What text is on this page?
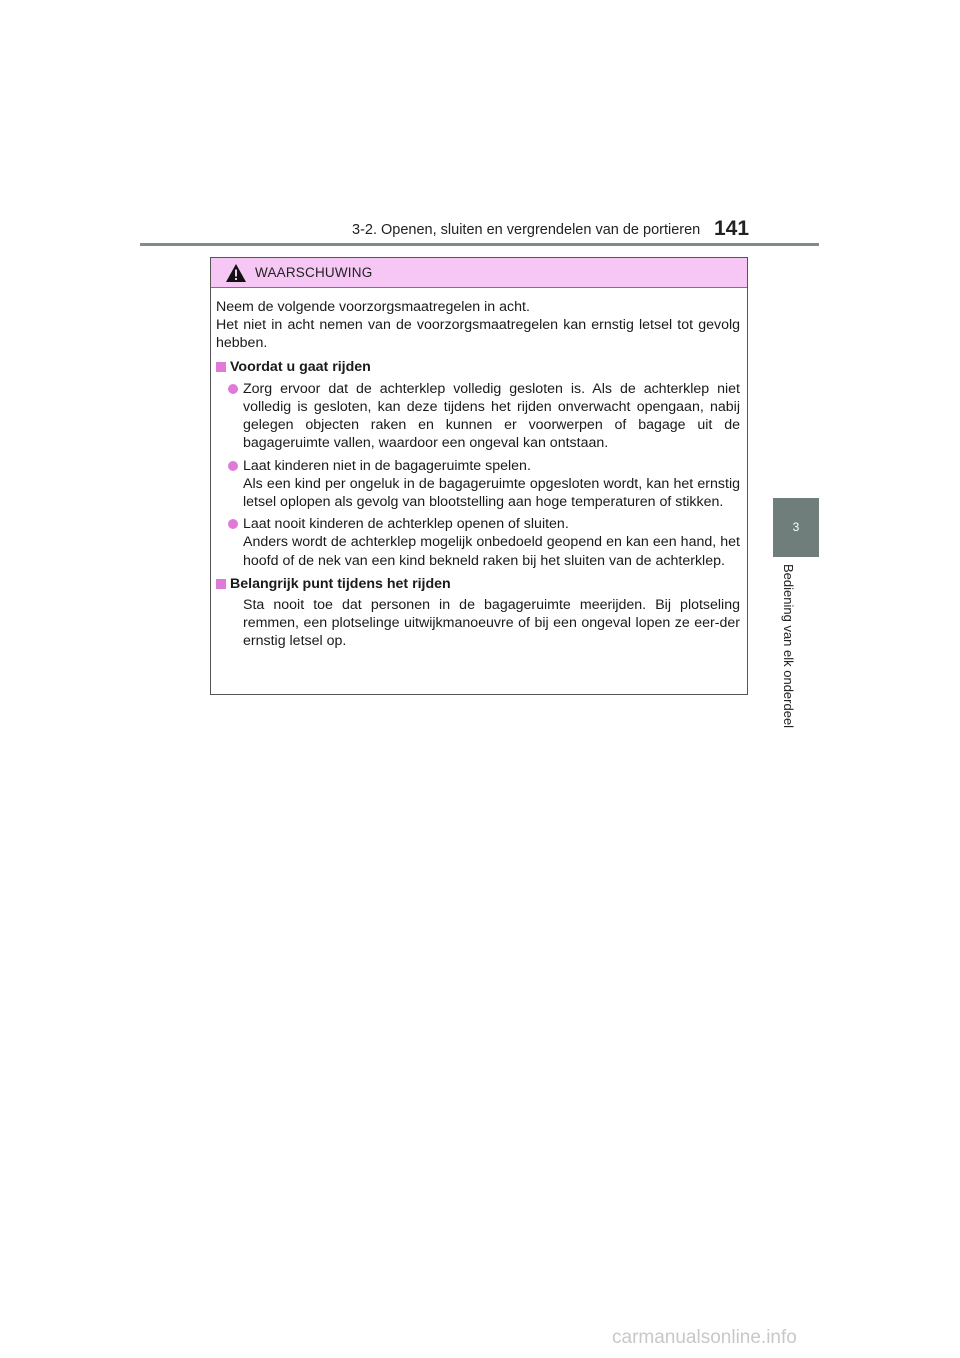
3-2. Openen, sluiten en vergrendelen van de portieren 141
3
Bediening van elk onderdeel
WAARSCHUWING

Neem de volgende voorzorgsmaatregelen in acht.

Het niet in acht nemen van de voorzorgsmaatregelen kan ernstig letsel tot gevolg hebben.

Voordat u gaat rijden

Zorg ervoor dat de achterklep volledig gesloten is. Als de achterklep niet volledig is gesloten, kan deze tijdens het rijden onverwacht opengaan, nabij gelegen objecten raken en kunnen er voorwerpen of bagage uit de bagageruimte vallen, waardoor een ongeval kan ontstaan.

Laat kinderen niet in de bagageruimte spelen.

Als een kind per ongeluk in de bagageruimte opgesloten wordt, kan het ernstig letsel oplopen als gevolg van blootstelling aan hoge temperaturen of stikken.

Laat nooit kinderen de achterklep openen of sluiten.

Anders wordt de achterklep mogelijk onbedoeld geopend en kan een hand, het hoofd of de nek van een kind bekneld raken bij het sluiten van de achterklep.

Belangrijk punt tijdens het rijden

Sta nooit toe dat personen in de bagageruimte meerijden. Bij plotseling remmen, een plotselinge uitwijkmanoeuvre of bij een ongeval lopen ze eer-der ernstig letsel op.

carmanualsonline.info
